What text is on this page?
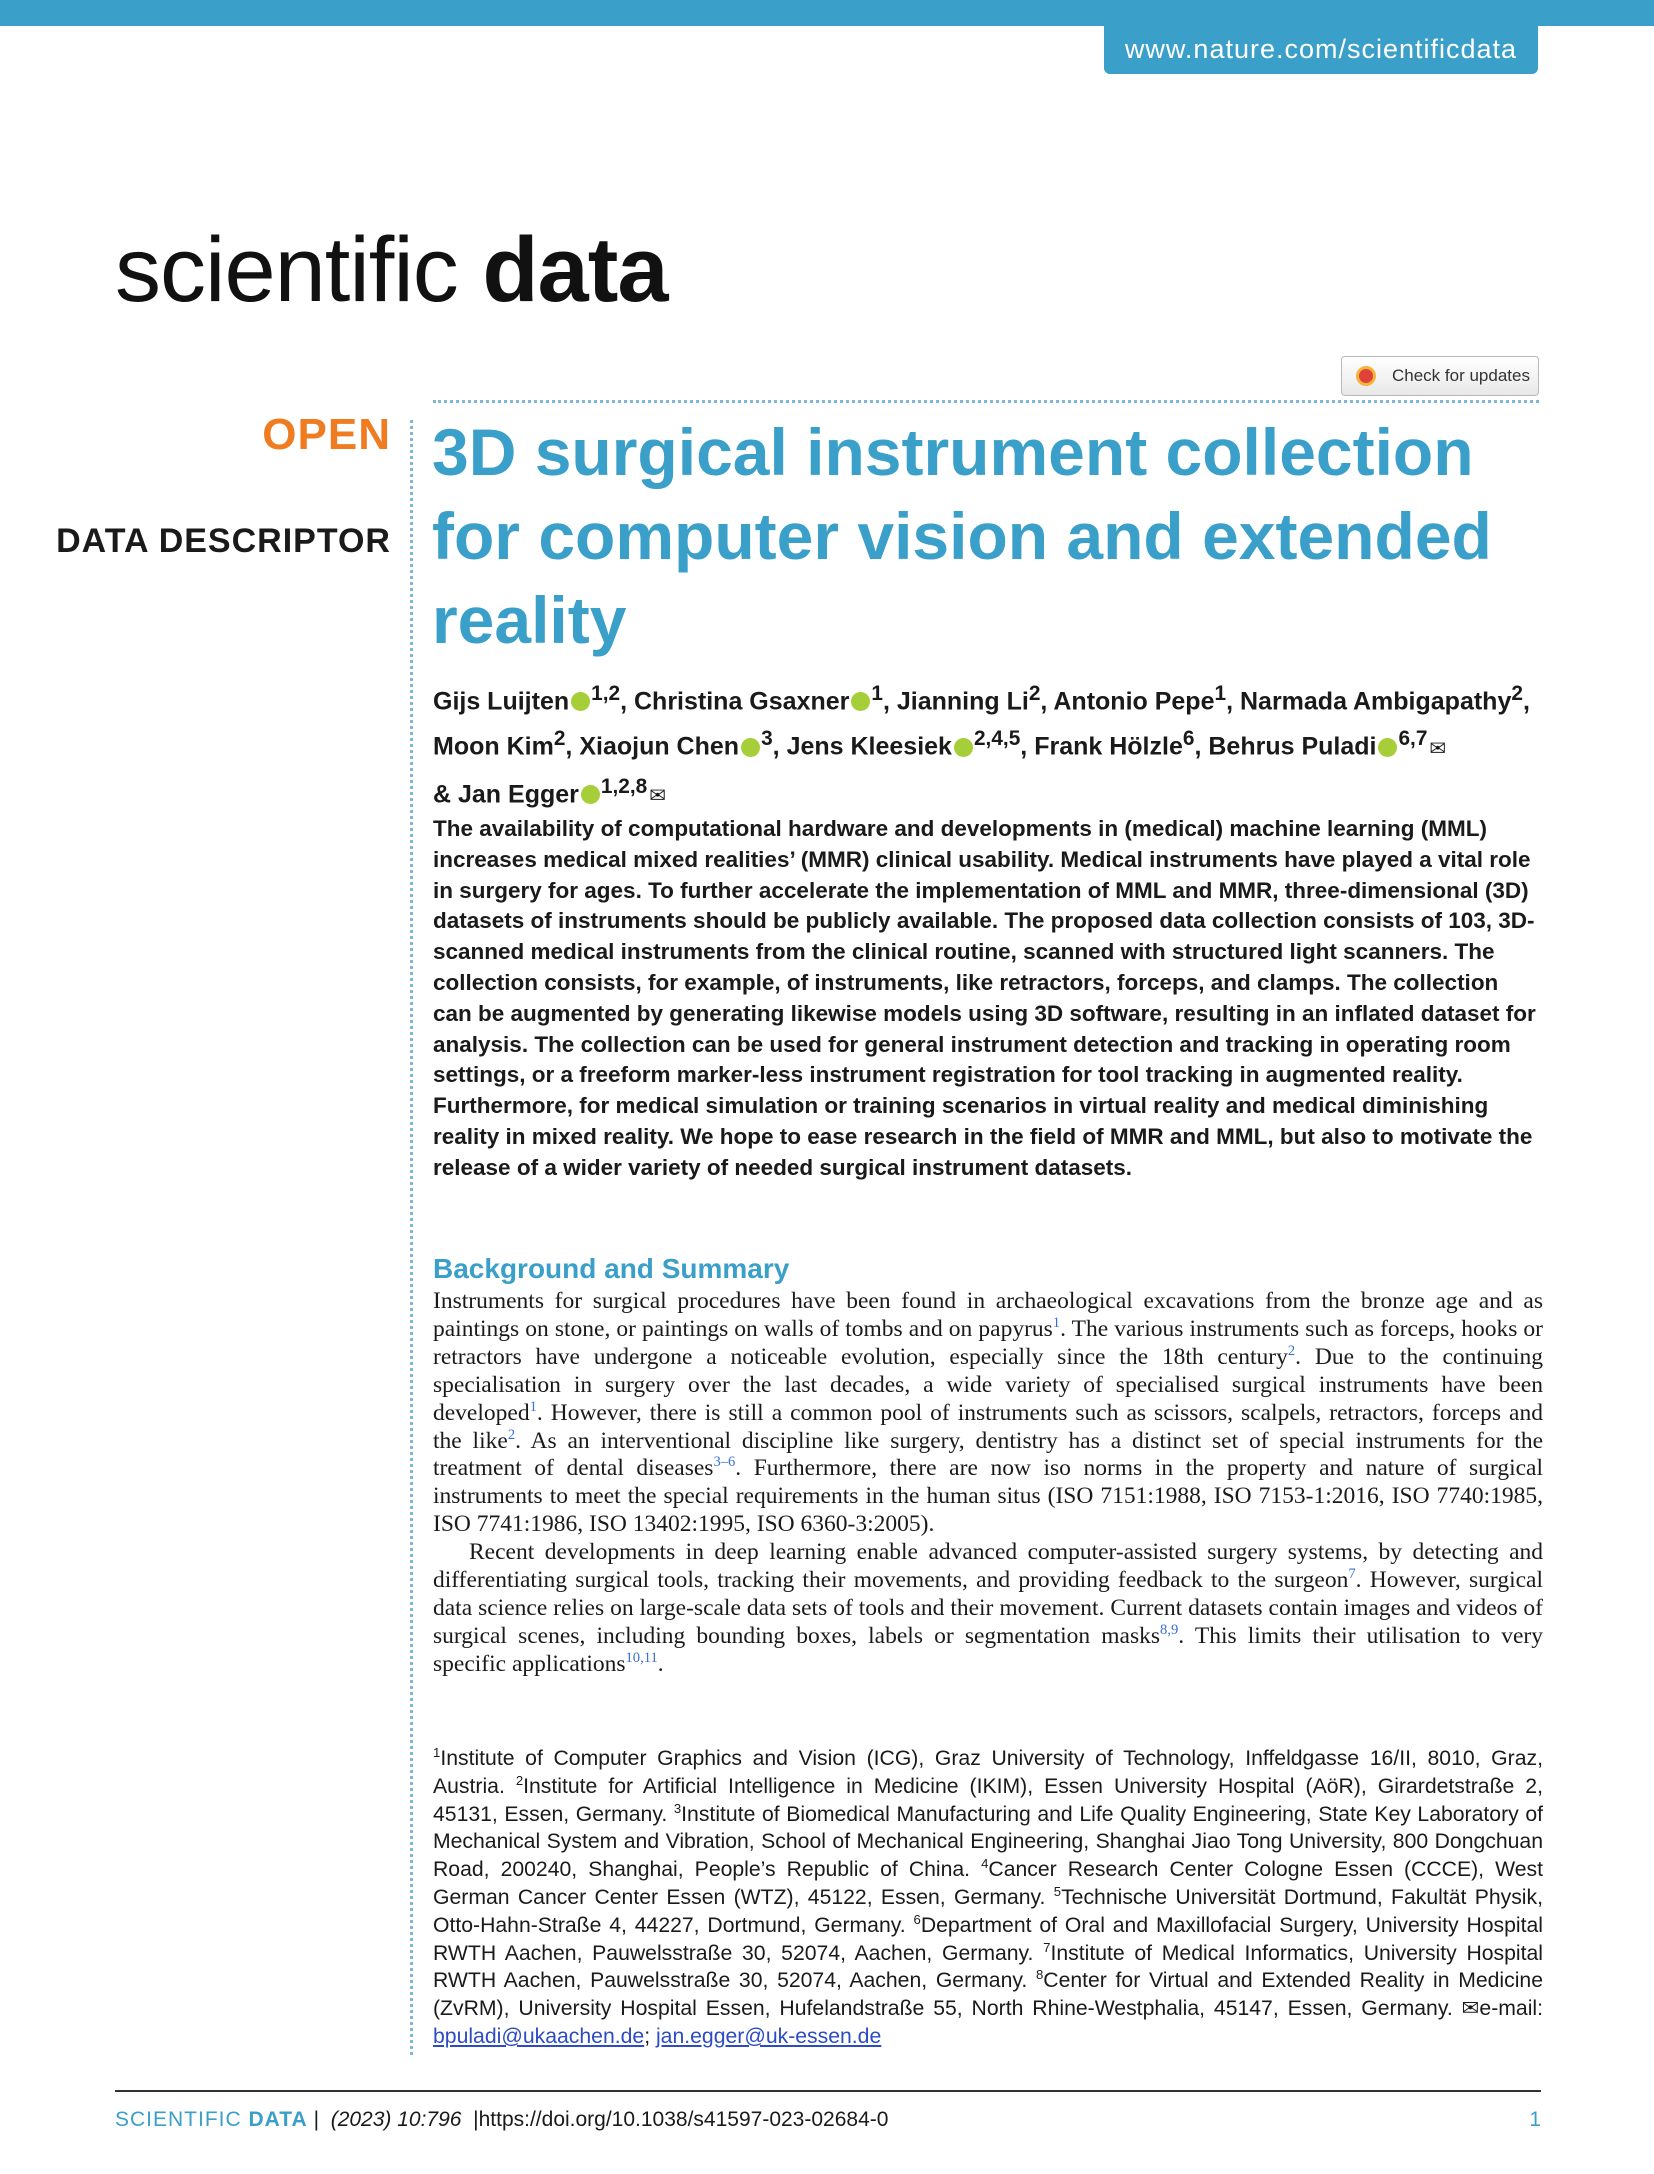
www.nature.com/scientificdata
scientific data
Check for updates
OPEN
DATA DESCRIPTOR
3D surgical instrument collection for computer vision and extended reality
Gijs Luijten $^{1,2}$, Christina Gsaxner $^1$, Jianning Li$^2$, Antonio Pepe$^1$, Narmada Ambigapathy$^2$, Moon Kim$^2$, Xiaojun Chen $^3$, Jens Kleesiek $^{2,4,5}$, Frank Hölzle$^6$, Behrus Puladi $^{6,7}$ ✉
& Jan Egger $^{1,2,8}$ ✉

The availability of computational hardware and developments in (medical) machine learning (MML) increases medical mixed realities’ (MMR) clinical usability. Medical instruments have played a vital role in surgery for ages. To further accelerate the implementation of MML and MMR, three-dimensional (3D) datasets of instruments should be publicly available. The proposed data collection consists of 103, 3D-scanned medical instruments from the clinical routine, scanned with structured light scanners. The collection consists, for example, of instruments, like retractors, forceps, and clamps. The collection can be augmented by generating likewise models using 3D software, resulting in an inflated dataset for analysis. The collection can be used for general instrument detection and tracking in operating room settings, or a freeform marker-less instrument registration for tool tracking in augmented reality. Furthermore, for medical simulation or training scenarios in virtual reality and medical diminishing reality in mixed reality. We hope to ease research in the field of MMR and MML, but also to motivate the release of a wider variety of needed surgical instrument datasets.

Background and Summary

Instruments for surgical procedures have been found in archaeological excavations from the bronze age and as paintings on stone, or paintings on walls of tombs and on papyrus$^1$. The various instruments such as forceps, hooks or retractors have undergone a noticeable evolution, especially since the 18th century$^2$. Due to the continuing specialisation in surgery over the last decades, a wide variety of specialised surgical instruments have been developed$^1$. However, there is still a common pool of instruments such as scissors, scalpels, retractors, forceps and the like$^2$. As an interventional discipline like surgery, dentistry has a distinct set of special instruments for the treatment of dental diseases$^{3-6}$. Furthermore, there are now iso norms in the property and nature of surgical instruments to meet the special requirements in the human situs (ISO 7151:1988, ISO 7153-1:2016, ISO 7740:1985, ISO 7741:1986, ISO 13402:1995, ISO 6360-3:2005).

Recent developments in deep learning enable advanced computer-assisted surgery systems, by detecting and differentiating surgical tools, tracking their movements, and providing feedback to the surgeon$^7$. However, surgical data science relies on large-scale data sets of tools and their movement. Current datasets contain images and videos of surgical scenes, including bounding boxes, labels or segmentation masks$^{8,9}$. This limits their utilisation to very specific applications$^{10,11}$.

$^1$Institute of Computer Graphics and Vision (ICG), Graz University of Technology, Inffeldgasse 16/II, 8010, Graz, Austria. $^2$Institute for Artificial Intelligence in Medicine (IKIM), Essen University Hospital (AöR), Girardetstraße 2, 45131, Essen, Germany. $^3$Institute of Biomedical Manufacturing and Life Quality Engineering, State Key Laboratory of Mechanical System and Vibration, School of Mechanical Engineering, Shanghai Jiao Tong University, 800 Dongchuan Road, 200240, Shanghai, People’s Republic of China. $^4$Cancer Research Center Cologne Essen (CCCE), West German Cancer Center Essen (WTZ), 45122, Essen, Germany. $^5$Technische Universität Dortmund, Fakultät Physik, Otto-Hahn-Straße 4, 44227, Dortmund, Germany. $^6$Department of Oral and Maxillofacial Surgery, University Hospital RWTH Aachen, Pauwelsstraße 30, 52074, Aachen, Germany. $^7$Institute of Medical Informatics, University Hospital RWTH Aachen, Pauwelsstraße 30, 52074, Aachen, Germany. $^8$Center for Virtual and Extended Reality in Medicine (ZvRM), University Hospital Essen, Hufelandstraße 55, North Rhine-Westphalia, 45147, Essen, Germany. ✉e-mail: bpuladi@ukaachen.de; jan.egger@uk-essen.de

SCIENTIFIC DATA |  (2023) 10:796  |https://doi.org/10.1038/s41597-023-02684-0	1
